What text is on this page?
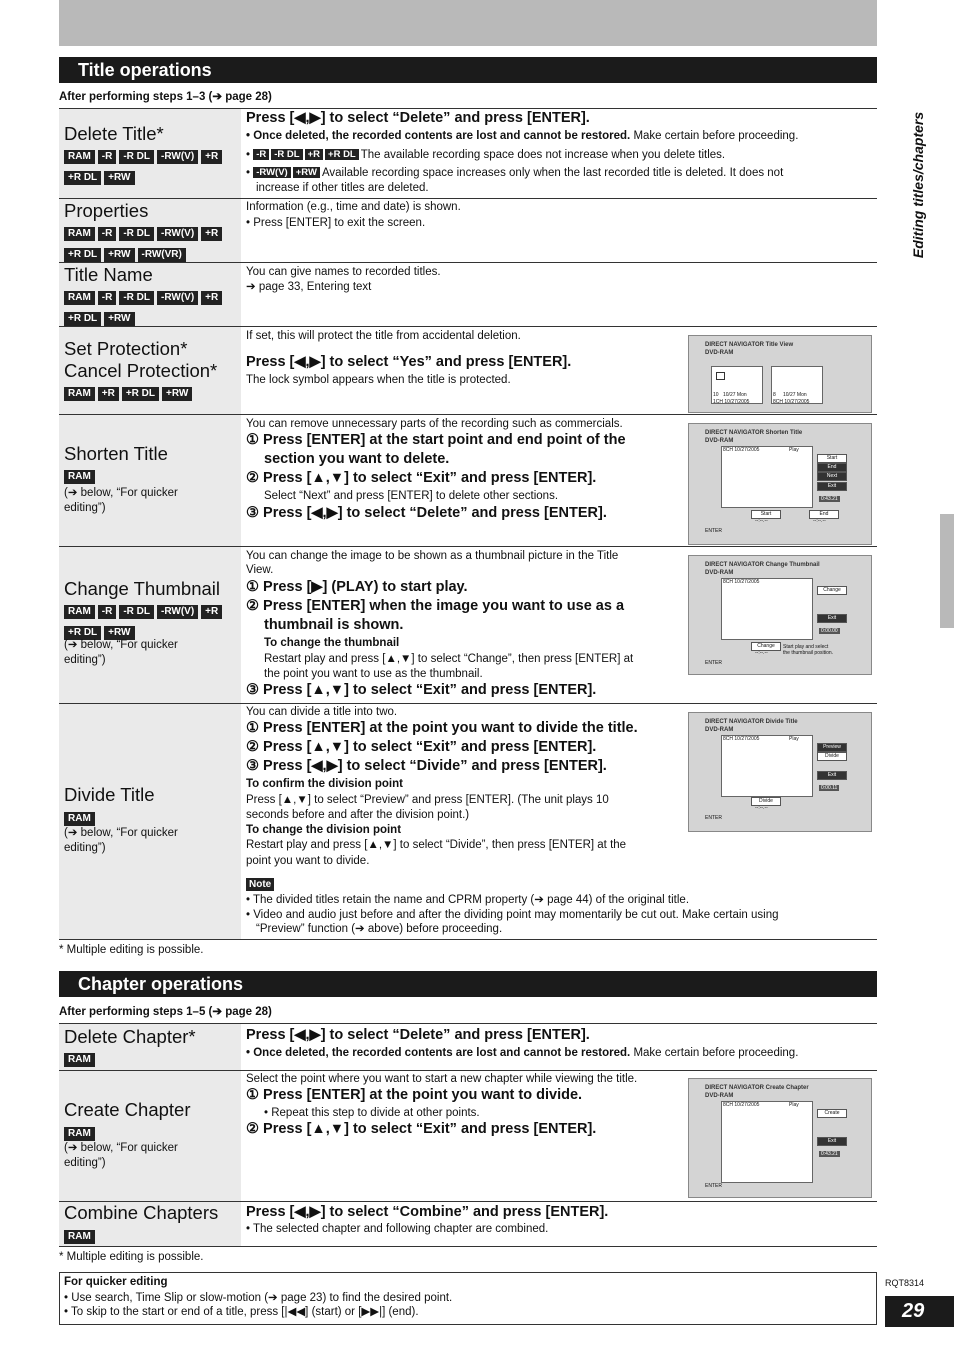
Editing titles/chapters
Title operations
After performing steps 1–3 (➔ page 28)
Delete Title*
RAM -R -R DL -RW(V) +R+R DL +RW
Press [◀,▶] to select “Delete” and press [ENTER].
• Once deleted, the recorded contents are lost and cannot be restored. Make certain before proceeding.
• -R -R DL +R +R DL The available recording space does not increase when you delete titles.
• -RW(V) +RW Available recording space increases only when the last recorded title is deleted. It does not
increase if other titles are deleted.
Properties
RAM -R -R DL -RW(V) +R+R DL +RW -RW(VR)
Information (e.g., time and date) is shown.
• Press [ENTER] to exit the screen.
Title Name
RAM -R -R DL -RW(V) +R+R DL +RW
You can give names to recorded titles.
➔ page 33, Entering text
Set Protection*
Cancel Protection*
RAM +R +R DL +RW
If set, this will protect the title from accidental deletion.
Press [◀,▶] to select “Yes” and press [ENTER].
The lock symbol appears when the title is protected.
DIRECT NAVIGATOR Title View
DVD-RAM
10 10/27 Mon
1CH 10/27/2005
8 10/27 Mon
8CH 10/27/2005
Shorten Title
RAM
(➔ below, “For quicker editing”)
You can remove unnecessary parts of the recording such as commercials.
① Press [ENTER] at the start point and end point of the
section you want to delete.
② Press [▲,▼] to select “Exit” and press [ENTER].
Select “Next” and press [ENTER] to delete other sections.
③ Press [◀,▶] to select “Delete” and press [ENTER].
DIRECT NAVIGATOR Shorten Title
DVD-RAM
8CH 10/27/2005	Play
Start
End
Next
Exit
0:43.21
Start
--:--.--
End
--:--.--
ENTER
Change Thumbnail
RAM -R -R DL -RW(V) +R+R DL +RW
(➔ below, “For quicker editing”)
You can change the image to be shown as a thumbnail picture in the Title
View.
① Press [▶] (PLAY) to start play.
② Press [ENTER] when the image you want to use as a
thumbnail is shown.
To change the thumbnail
Restart play and press [▲,▼] to select “Change”, then press [ENTER] at
the point you want to use as the thumbnail.
③ Press [▲,▼] to select “Exit” and press [ENTER].
DIRECT NAVIGATOR Change Thumbnail
DVD-RAM
8CH 10/27/2005
Change
Exit
0:00.00
Change
--:--.--
Start play and select
the thumbnail position.
ENTER
Divide Title
RAM
(➔ below, “For quicker editing”)
You can divide a title into two.
① Press [ENTER] at the point you want to divide the title.
② Press [▲,▼] to select “Exit” and press [ENTER].
③ Press [◀,▶] to select “Divide” and press [ENTER].
To confirm the division point
Press [▲,▼] to select “Preview” and press [ENTER]. (The unit plays 10
seconds before and after the division point.)
To change the division point
Restart play and press [▲,▼] to select “Divide”, then press [ENTER] at the
point you want to divide.
Note
• The divided titles retain the name and CPRM property (➔ page 44) of the original title.
• Video and audio just before and after the dividing point may momentarily be cut out. Make certain using
“Preview” function (➔ above) before proceeding.
DIRECT NAVIGATOR Divide Title
DVD-RAM
8CH 10/27/2005	Play
Preview
Divide
Exit
0:00.11
Divide
--:--.--
ENTER
* Multiple editing is possible.
Chapter operations
After performing steps 1–5 (➔ page 28)
Delete Chapter*
RAM
Press [◀,▶] to select “Delete” and press [ENTER].
• Once deleted, the recorded contents are lost and cannot be restored. Make certain before proceeding.
Create Chapter
RAM
(➔ below, “For quicker editing”)
Select the point where you want to start a new chapter while viewing the title.
① Press [ENTER] at the point you want to divide.
• Repeat this step to divide at other points.
② Press [▲,▼] to select “Exit” and press [ENTER].
DIRECT NAVIGATOR Create Chapter
DVD-RAM
8CH 10/27/2005	Play
Create
Exit
0:43.21
ENTER
Combine Chapters
RAM
Press [◀,▶] to select “Combine” and press [ENTER].
• The selected chapter and following chapter are combined.
* Multiple editing is possible.
For quicker editing
• Use search, Time Slip or slow-motion (➔ page 23) to find the desired point.
• To skip to the start or end of a title, press [|◀◀] (start) or [▶▶|] (end).
RQT8314
29
